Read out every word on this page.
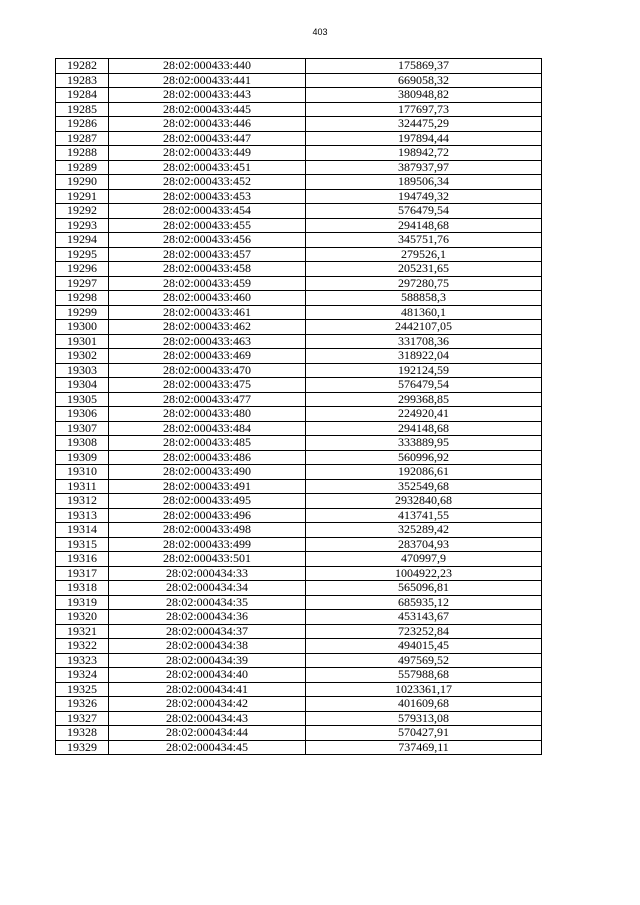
403
19282	28:02:000433:440	175869,37
19283	28:02:000433:441	669058,32
19284	28:02:000433:443	380948,82
19285	28:02:000433:445	177697,73
19286	28:02:000433:446	324475,29
19287	28:02:000433:447	197894,44
19288	28:02:000433:449	198942,72
19289	28:02:000433:451	387937,97
19290	28:02:000433:452	189506,34
19291	28:02:000433:453	194749,32
19292	28:02:000433:454	576479,54
19293	28:02:000433:455	294148,68
19294	28:02:000433:456	345751,76
19295	28:02:000433:457	279526,1
19296	28:02:000433:458	205231,65
19297	28:02:000433:459	297280,75
19298	28:02:000433:460	588858,3
19299	28:02:000433:461	481360,1
19300	28:02:000433:462	2442107,05
19301	28:02:000433:463	331708,36
19302	28:02:000433:469	318922,04
19303	28:02:000433:470	192124,59
19304	28:02:000433:475	576479,54
19305	28:02:000433:477	299368,85
19306	28:02:000433:480	224920,41
19307	28:02:000433:484	294148,68
19308	28:02:000433:485	333889,95
19309	28:02:000433:486	560996,92
19310	28:02:000433:490	192086,61
19311	28:02:000433:491	352549,68
19312	28:02:000433:495	2932840,68
19313	28:02:000433:496	413741,55
19314	28:02:000433:498	325289,42
19315	28:02:000433:499	283704,93
19316	28:02:000433:501	470997,9
19317	28:02:000434:33	1004922,23
19318	28:02:000434:34	565096,81
19319	28:02:000434:35	685935,12
19320	28:02:000434:36	453143,67
19321	28:02:000434:37	723252,84
19322	28:02:000434:38	494015,45
19323	28:02:000434:39	497569,52
19324	28:02:000434:40	557988,68
19325	28:02:000434:41	1023361,17
19326	28:02:000434:42	401609,68
19327	28:02:000434:43	579313,08
19328	28:02:000434:44	570427,91
19329	28:02:000434:45	737469,11
